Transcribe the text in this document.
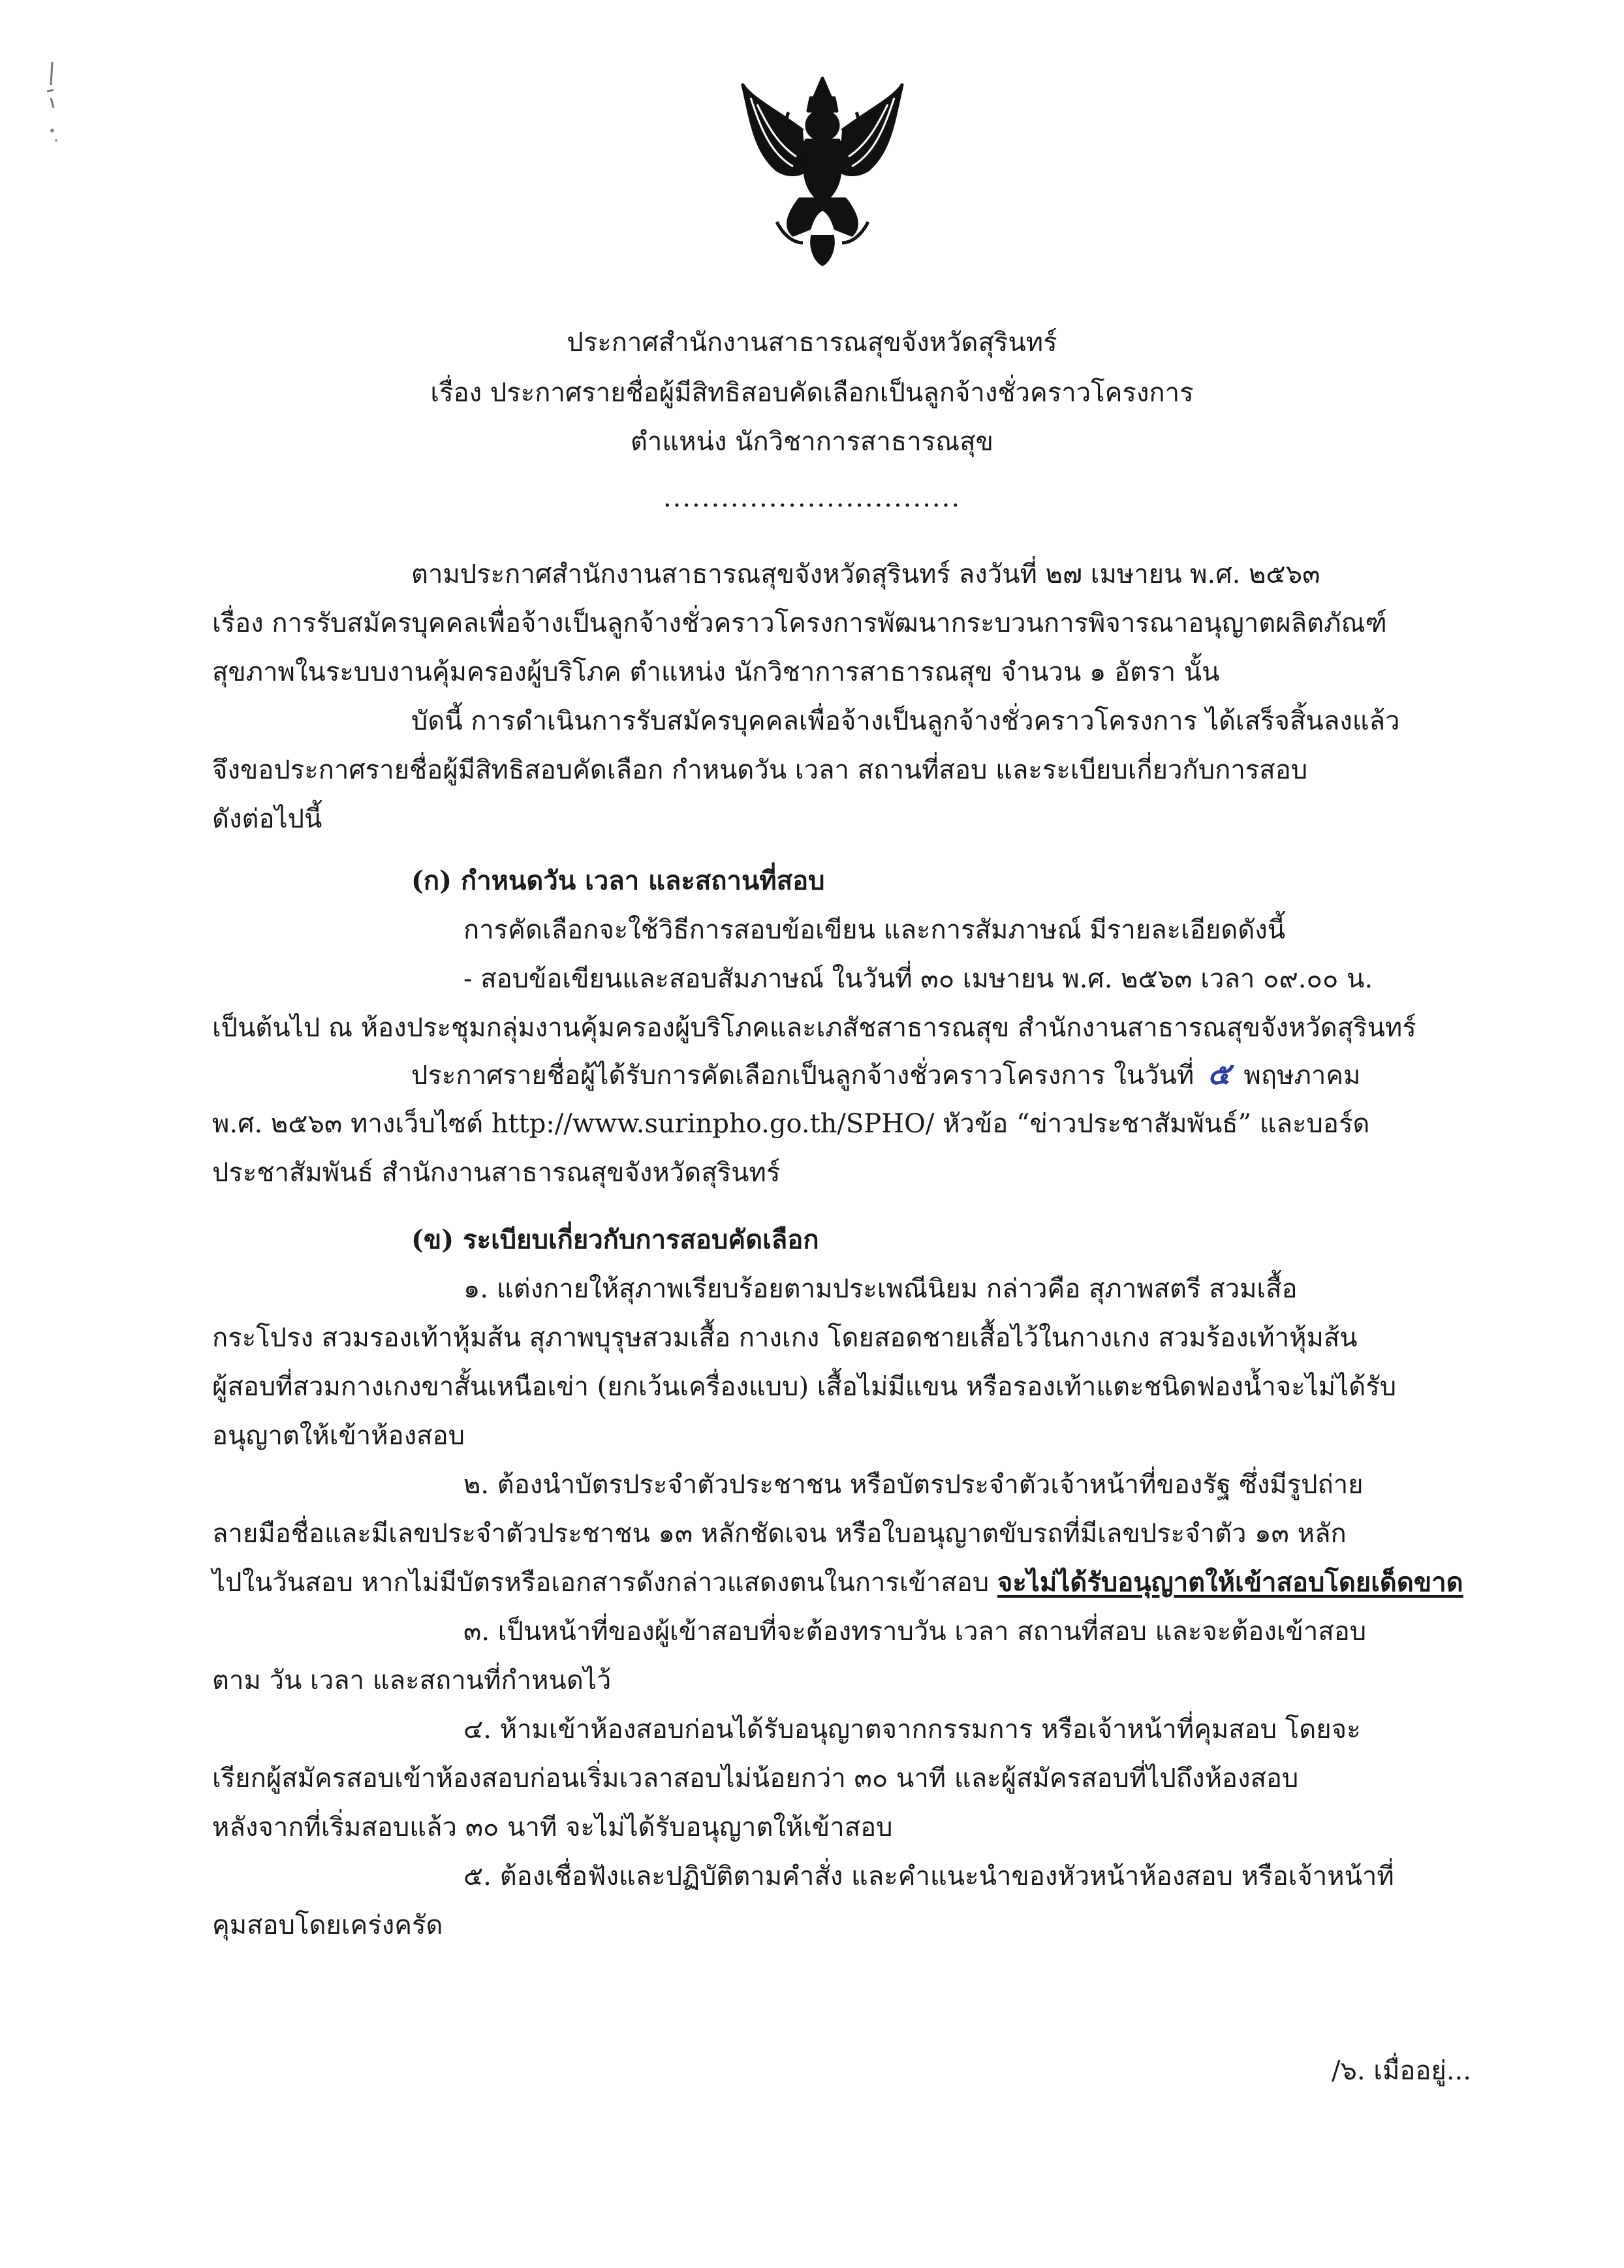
ประกาศสำนักงานสาธารณสุขจังหวัดสุรินทร์
เรื่อง ประกาศรายชื่อผู้มีสิทธิสอบคัดเลือกเป็นลูกจ้างชั่วคราวโครงการ
ตำแหน่ง นักวิชาการสาธารณสุข
...............................
ตามประกาศสำนักงานสาธารณสุขจังหวัดสุรินทร์ ลงวันที่ ๒๗ เมษายน พ.ศ. ๒๕๖๓
เรื่อง การรับสมัครบุคคลเพื่อจ้างเป็นลูกจ้างชั่วคราวโครงการพัฒนากระบวนการพิจารณาอนุญาตผลิตภัณฑ์
สุขภาพในระบบงานคุ้มครองผู้บริโภค ตำแหน่ง นักวิชาการสาธารณสุข จำนวน ๑ อัตรา นั้น
บัดนี้ การดำเนินการรับสมัครบุคคลเพื่อจ้างเป็นลูกจ้างชั่วคราวโครงการ ได้เสร็จสิ้นลงแล้ว
จึงขอประกาศรายชื่อผู้มีสิทธิสอบคัดเลือก กำหนดวัน เวลา สถานที่สอบ และระเบียบเกี่ยวกับการสอบ
ดังต่อไปนี้
(ก) กำหนดวัน เวลา และสถานที่สอบ
การคัดเลือกจะใช้วิธีการสอบข้อเขียน และการสัมภาษณ์ มีรายละเอียดดังนี้
- สอบข้อเขียนและสอบสัมภาษณ์ ในวันที่ ๓๐ เมษายน พ.ศ. ๒๕๖๓ เวลา ๐๙.๐๐ น.
เป็นต้นไป ณ ห้องประชุมกลุ่มงานคุ้มครองผู้บริโภคและเภสัชสาธารณสุข สำนักงานสาธารณสุขจังหวัดสุรินทร์
ประกาศรายชื่อผู้ได้รับการคัดเลือกเป็นลูกจ้างชั่วคราวโครงการ ในวันที่ ๕ พฤษภาคม
พ.ศ. ๒๕๖๓ ทางเว็บไซต์ http://www.surinpho.go.th/SPHO/ หัวข้อ “ข่าวประชาสัมพันธ์” และบอร์ด
ประชาสัมพันธ์ สำนักงานสาธารณสุขจังหวัดสุรินทร์
(ข) ระเบียบเกี่ยวกับการสอบคัดเลือก
๑. แต่งกายให้สุภาพเรียบร้อยตามประเพณีนิยม กล่าวคือ สุภาพสตรี สวมเสื้อ
กระโปรง สวมรองเท้าหุ้มส้น สุภาพบุรุษสวมเสื้อ กางเกง โดยสอดชายเสื้อไว้ในกางเกง สวมร้องเท้าหุ้มส้น
ผู้สอบที่สวมกางเกงขาสั้นเหนือเข่า (ยกเว้นเครื่องแบบ) เสื้อไม่มีแขน หรือรองเท้าแตะชนิดฟองน้ำจะไม่ได้รับ
อนุญาตให้เข้าห้องสอบ
๒. ต้องนำบัตรประจำตัวประชาชน หรือบัตรประจำตัวเจ้าหน้าที่ของรัฐ ซึ่งมีรูปถ่าย
ลายมือชื่อและมีเลขประจำตัวประชาชน ๑๓ หลักชัดเจน หรือใบอนุญาตขับรถที่มีเลขประจำตัว ๑๓ หลัก
ไปในวันสอบ หากไม่มีบัตรหรือเอกสารดังกล่าวแสดงตนในการเข้าสอบ จะไม่ได้รับอนุญาตให้เข้าสอบโดยเด็ดขาด
๓. เป็นหน้าที่ของผู้เข้าสอบที่จะต้องทราบวัน เวลา สถานที่สอบ และจะต้องเข้าสอบ
ตาม วัน เวลา และสถานที่กำหนดไว้
๔. ห้ามเข้าห้องสอบก่อนได้รับอนุญาตจากกรรมการ หรือเจ้าหน้าที่คุมสอบ โดยจะ
เรียกผู้สมัครสอบเข้าห้องสอบก่อนเริ่มเวลาสอบไม่น้อยกว่า ๓๐ นาที และผู้สมัครสอบที่ไปถึงห้องสอบ
หลังจากที่เริ่มสอบแล้ว ๓๐ นาที จะไม่ได้รับอนุญาตให้เข้าสอบ
๕. ต้องเชื่อฟังและปฏิบัติตามคำสั่ง และคำแนะนำของหัวหน้าห้องสอบ หรือเจ้าหน้าที่
คุมสอบโดยเคร่งครัด
/๖. เมื่ออยู่...
